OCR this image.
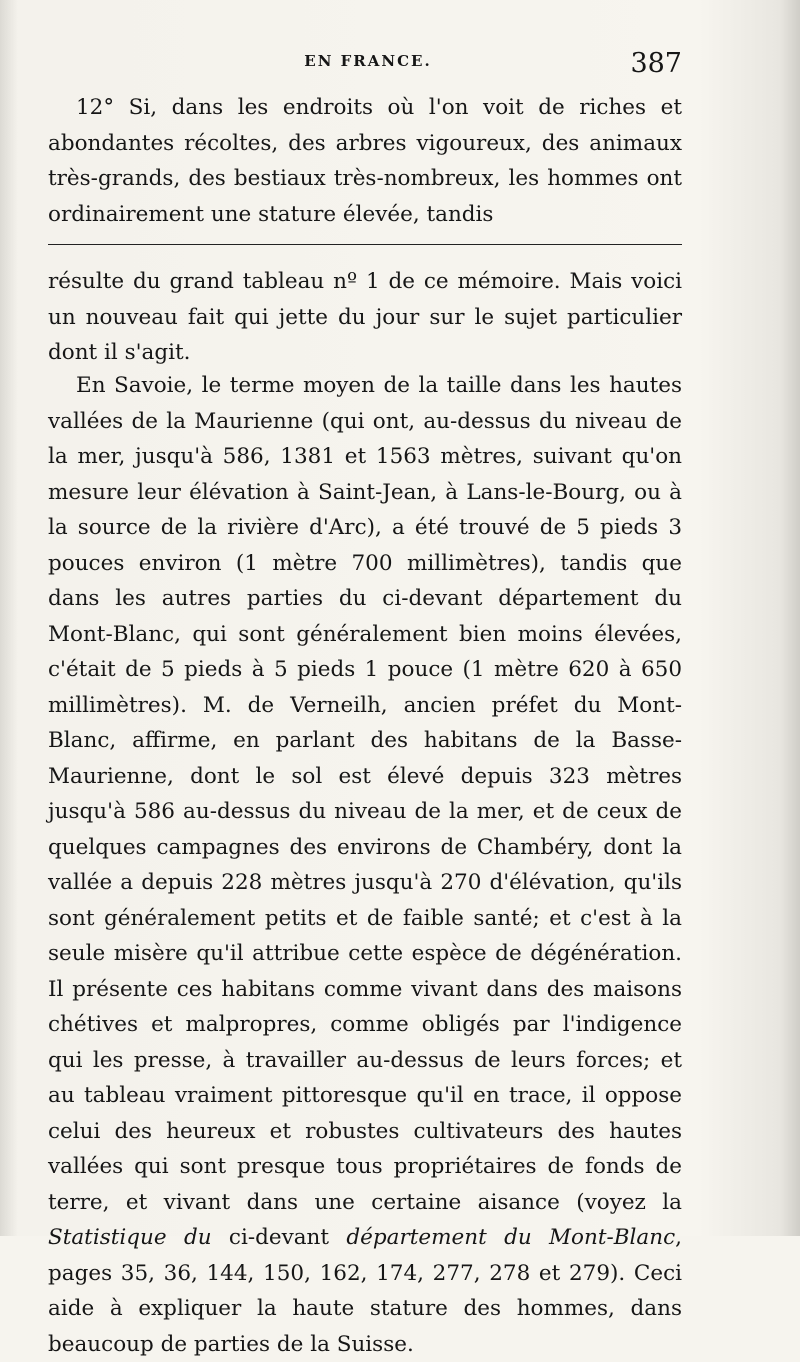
EN FRANCE.	387

12° Si, dans les endroits où l'on voit de riches et abondantes récoltes, des arbres vigoureux, des animaux très-grands, des bestiaux très-nombreux, les hommes ont ordinairement une stature élevée, tandis

résulte du grand tableau nº 1 de ce mémoire. Mais voici un nouveau fait qui jette du jour sur le sujet particulier dont il s'agit.

En Savoie, le terme moyen de la taille dans les hautes vallées de la Maurienne (qui ont, au-dessus du niveau de la mer, jusqu'à 586, 1381 et 1563 mètres, suivant qu'on mesure leur élévation à Saint-Jean, à Lans-le-Bourg, ou à la source de la rivière d'Arc), a été trouvé de 5 pieds 3 pouces environ (1 mètre 700 millimètres), tandis que dans les autres parties du ci-devant département du Mont-Blanc, qui sont généralement bien moins élevées, c'était de 5 pieds à 5 pieds 1 pouce (1 mètre 620 à 650 millimètres). M. de Verneilh, ancien préfet du Mont-Blanc, affirme, en parlant des habitans de la Basse-Maurienne, dont le sol est élevé depuis 323 mètres jusqu'à 586 au-dessus du niveau de la mer, et de ceux de quelques campagnes des environs de Chambéry, dont la vallée a depuis 228 mètres jusqu'à 270 d'élévation, qu'ils sont généralement petits et de faible santé; et c'est à la seule misère qu'il attribue cette espèce de dégénération. Il présente ces habitans comme vivant dans des maisons chétives et malpropres, comme obligés par l'indigence qui les presse, à travailler au-dessus de leurs forces; et au tableau vraiment pittoresque qu'il en trace, il oppose celui des heureux et robustes cultivateurs des hautes vallées qui sont presque tous propriétaires de fonds de terre, et vivant dans une certaine aisance (voyez la Statistique du ci-devant département du Mont-Blanc, pages 35, 36, 144, 150, 162, 174, 277, 278 et 279). Ceci aide à expliquer la haute stature des hommes, dans beaucoup de parties de la Suisse.
